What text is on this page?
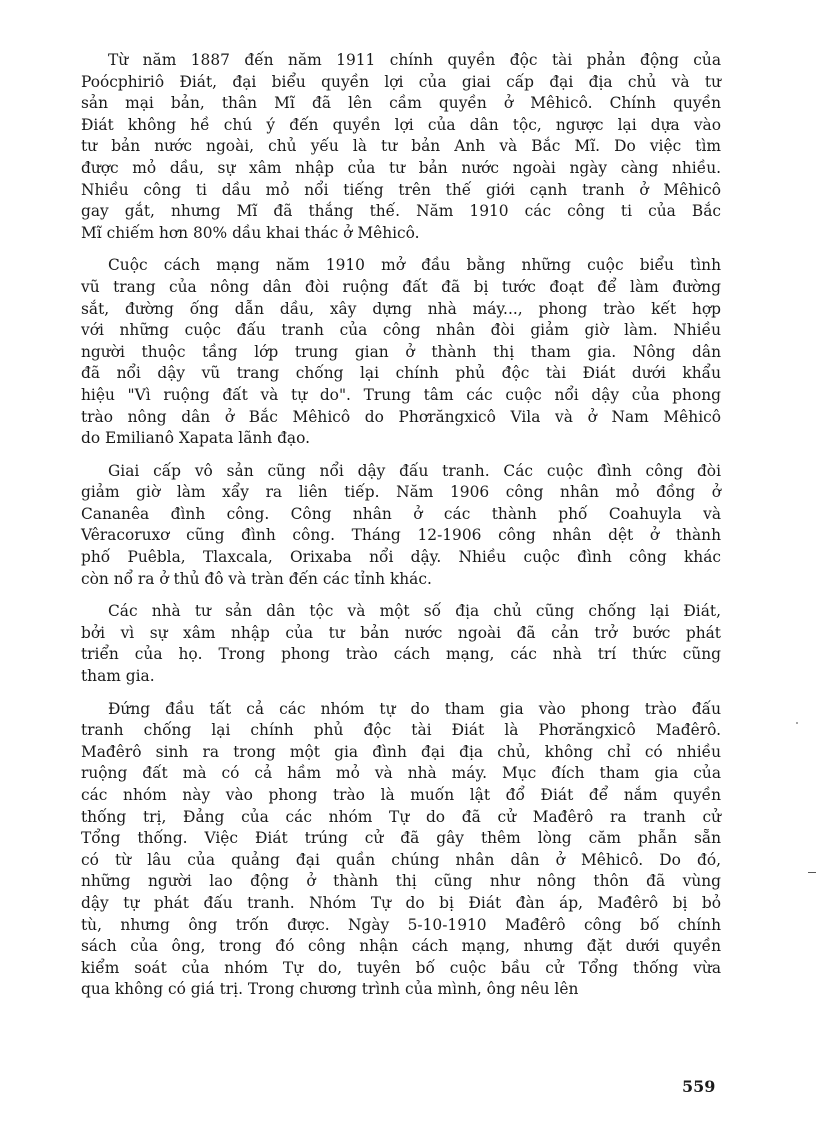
Từ năm 1887 đến năm 1911 chính quyền độc tài phản động của
Poócphiriô Điát, đại biểu quyền lợi của giai cấp đại địa chủ và tư
sản mại bản, thân Mĩ đã lên cầm quyền ở Mêhicô. Chính quyền
Điát không hề chú ý đến quyền lợi của dân tộc, ngược lại dựa vào
tư bản nước ngoài, chủ yếu là tư bản Anh và Bắc Mĩ. Do việc tìm
được mỏ dầu, sự xâm nhập của tư bản nước ngoài ngày càng nhiều.
Nhiều công ti dầu mỏ nổi tiếng trên thế giới cạnh tranh ở Mêhicô
gay gắt, nhưng Mĩ đã thắng thế. Năm 1910 các công ti của Bắc
Mĩ chiếm hơn 80% dầu khai thác ở Mêhicô.
Cuộc cách mạng năm 1910 mở đầu bằng những cuộc biểu tình
vũ trang của nông dân đòi ruộng đất đã bị tước đoạt để làm đường
sắt, đường ống dẫn dầu, xây dựng nhà máy..., phong trào kết hợp
với những cuộc đấu tranh của công nhân đòi giảm giờ làm. Nhiều
người thuộc tầng lớp trung gian ở thành thị tham gia. Nông dân
đã nổi dậy vũ trang chống lại chính phủ độc tài Điát dưới khẩu
hiệu "Vì ruộng đất và tự do". Trung tâm các cuộc nổi dậy của phong
trào nông dân ở Bắc Mêhicô do Phơrăngxicô Vila và ở Nam Mêhicô
do Emilianô Xapata lãnh đạo.
Giai cấp vô sản cũng nổi dậy đấu tranh. Các cuộc đình công đòi
giảm giờ làm xẩy ra liên tiếp. Năm 1906 công nhân mỏ đồng ở
Cananêa đình công. Công nhân ở các thành phố Coahuyla và
Vêracoruxơ cũng đình công. Tháng 12-1906 công nhân dệt ở thành
phố Puêbla, Tlaxcala, Orixaba nổi dậy. Nhiều cuộc đình công khác
còn nổ ra ở thủ đô và tràn đến các tỉnh khác.
Các nhà tư sản dân tộc và một số địa chủ cũng chống lại Điát,
bởi vì sự xâm nhập của tư bản nước ngoài đã cản trở bước phát
triển của họ. Trong phong trào cách mạng, các nhà trí thức cũng
tham gia.
Đứng đầu tất cả các nhóm tự do tham gia vào phong trào đấu
tranh chống lại chính phủ độc tài Điát là Phơrăngxicô Mađêrô.
Mađêrô sinh ra trong một gia đình đại địa chủ, không chỉ có nhiều
ruộng đất mà có cả hầm mỏ và nhà máy. Mục đích tham gia của
các nhóm này vào phong trào là muốn lật đổ Điát để nắm quyền
thống trị, Đảng của các nhóm Tự do đã cử Mađêrô ra tranh cử
Tổng thống. Việc Điát trúng cử đã gây thêm lòng căm phẫn sẵn
có từ lâu của quảng đại quần chúng nhân dân ở Mêhicô. Do đó,
những người lao động ở thành thị cũng như nông thôn đã vùng
dậy tự phát đấu tranh. Nhóm Tự do bị Điát đàn áp, Mađêrô bị bỏ
tù, nhưng ông trốn được. Ngày 5-10-1910 Mađêrô công bố chính
sách của ông, trong đó công nhận cách mạng, nhưng đặt dưới quyền
kiểm soát của nhóm Tự do, tuyên bố cuộc bầu cử Tổng thống vừa
qua không có giá trị. Trong chương trình của mình, ông nêu lên
559
